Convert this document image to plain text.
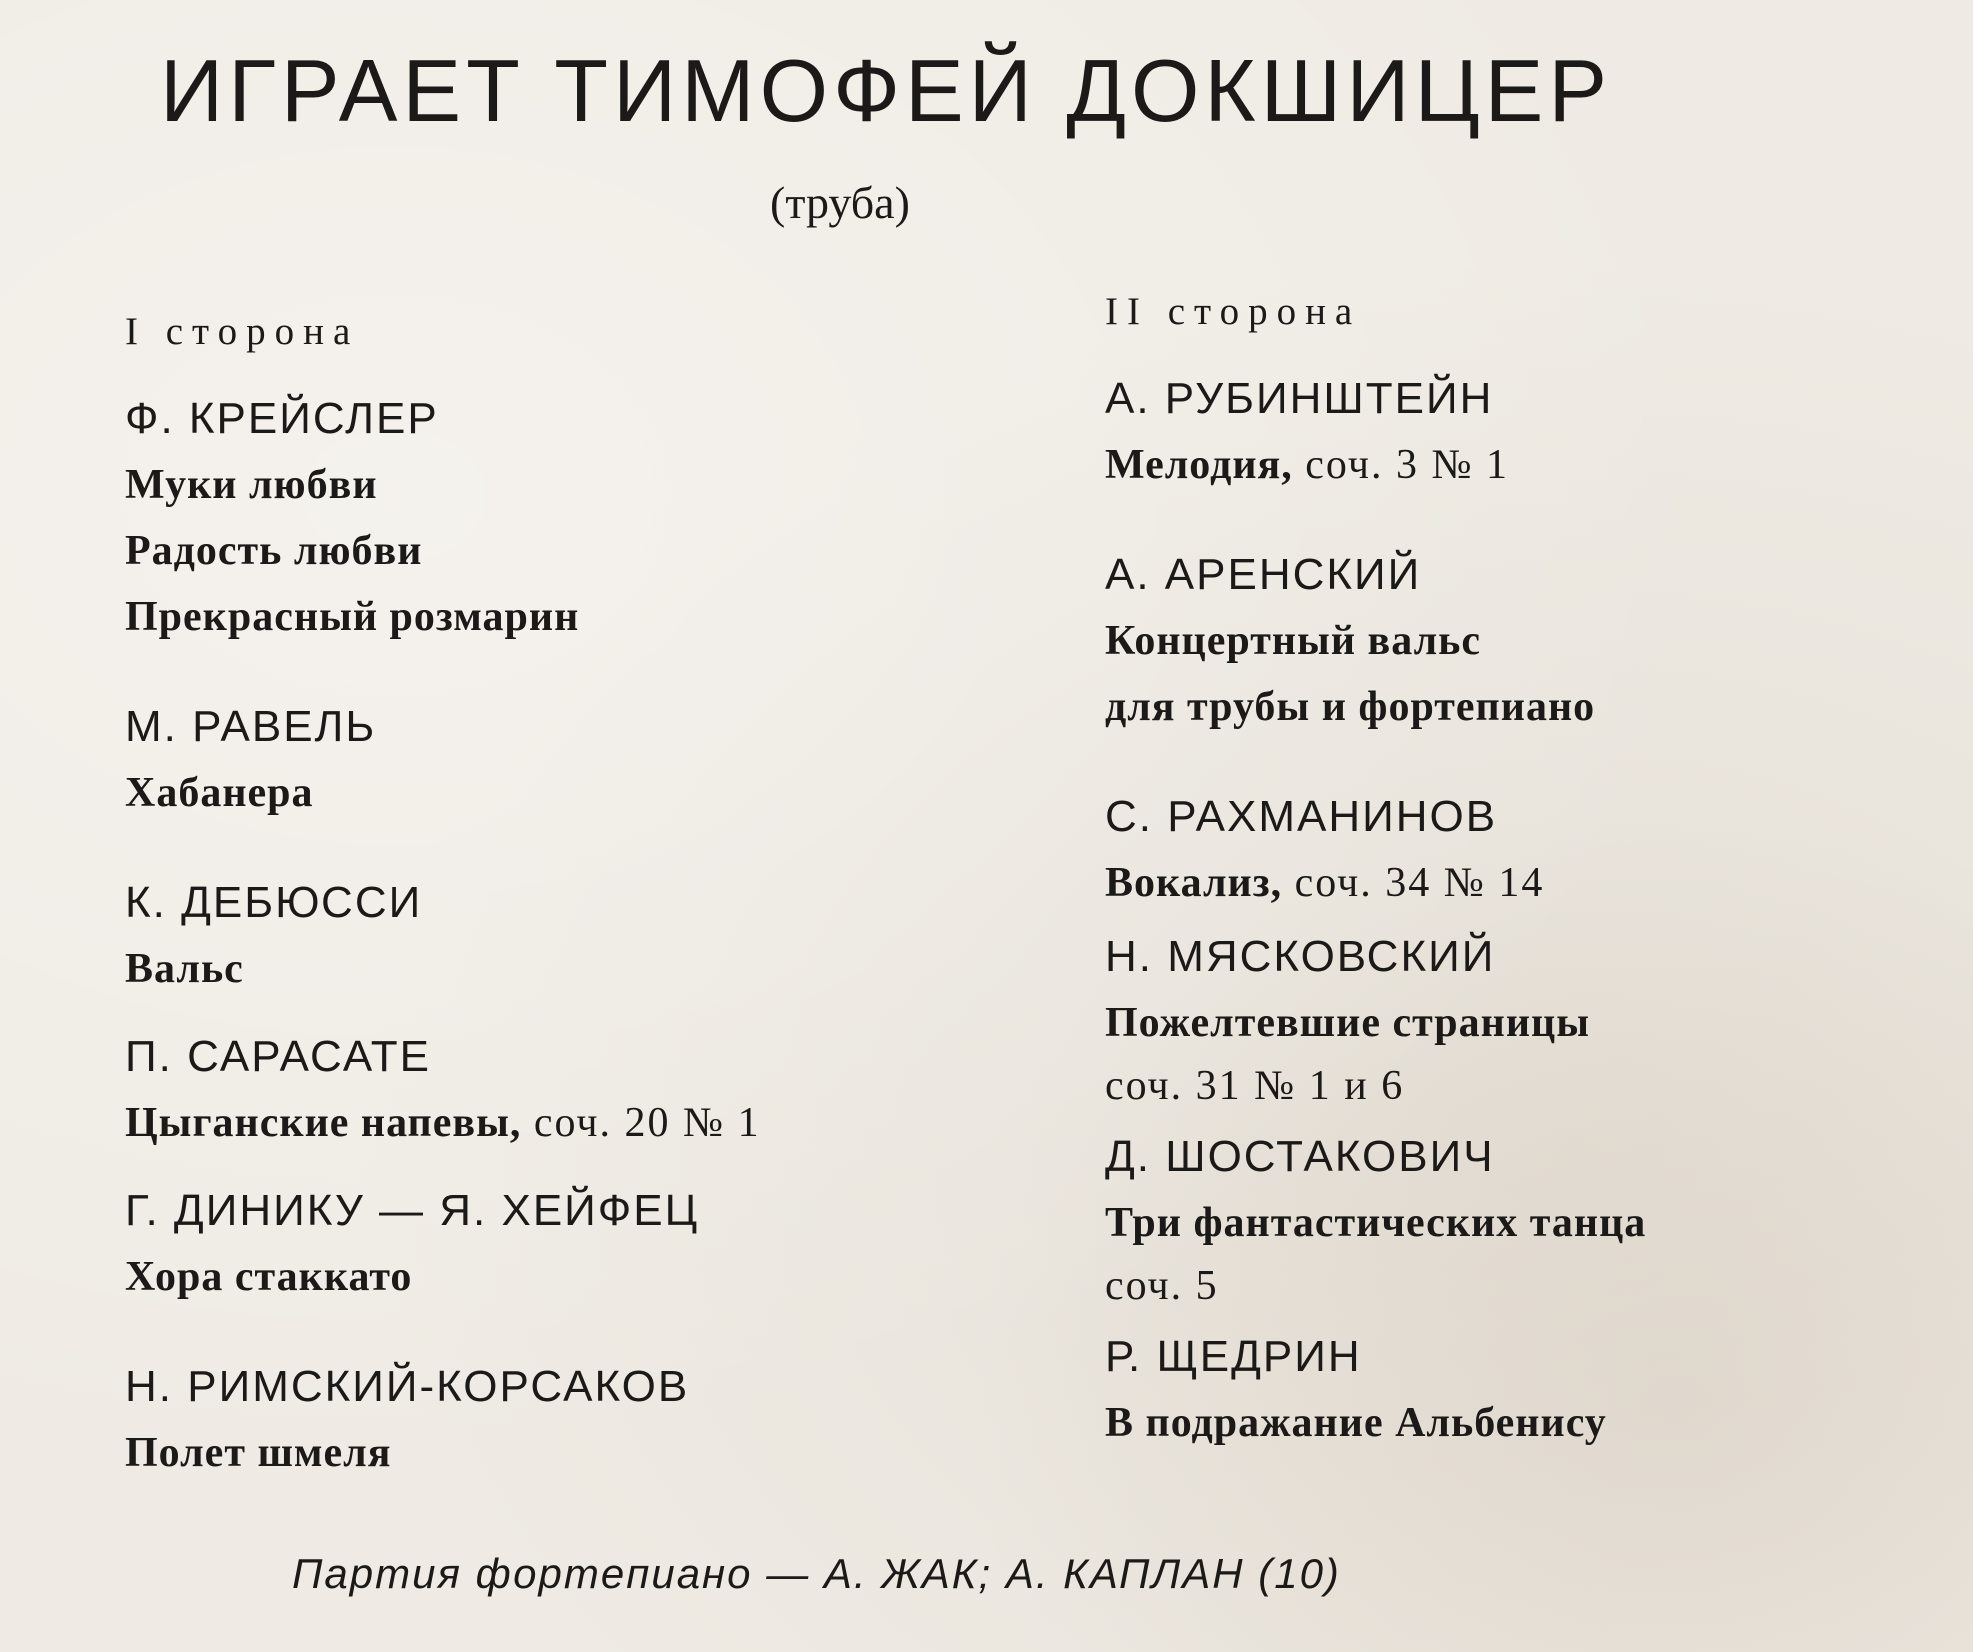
ИГРАЕТ ТИМОФЕЙ ДОКШИЦЕР
(труба)
I сторона
Ф. КРЕЙСЛЕР
Муки любви
Радость любви
Прекрасный розмарин
М. РАВЕЛЬ
Хабанера
К. ДЕБЮССИ
Вальс
П. САРАСАТЕ
Цыганские напевы, соч. 20 № 1
Г. ДИНИКУ — Я. ХЕЙФЕЦ
Хора стаккато
Н. РИМСКИЙ-КОРСАКОВ
Полет шмеля
II сторона
А. РУБИНШТЕЙН
Мелодия, соч. 3 № 1
А. АРЕНСКИЙ
Концертный вальс
для трубы и фортепиано
С. РАХМАНИНОВ
Вокализ, соч. 34 № 14
Н. МЯСКОВСКИЙ
Пожелтевшие страницы
соч. 31 № 1 и 6
Д. ШОСТАКОВИЧ
Три фантастических танца
соч. 5
Р. ЩЕДРИН
В подражание Альбенису
Партия фортепиано — А. ЖАК; А. КАПЛАН (10)
